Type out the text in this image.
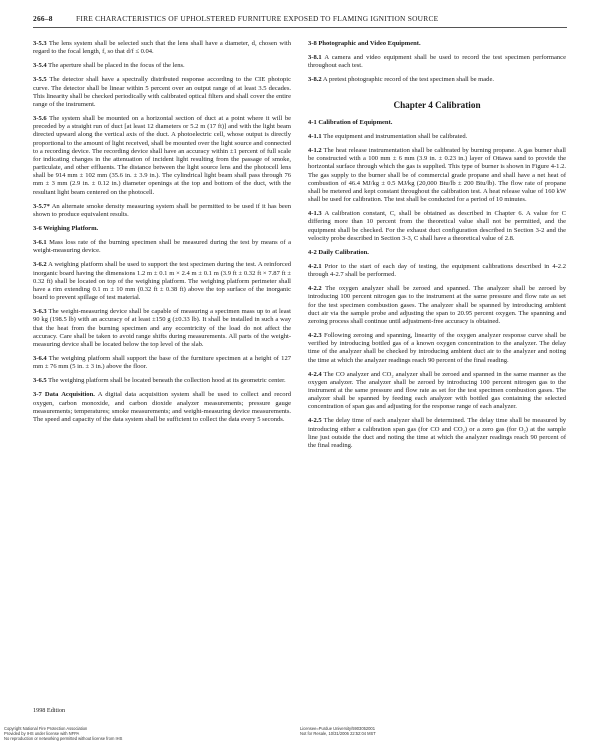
266–8	FIRE CHARACTERISTICS OF UPHOLSTERED FURNITURE EXPOSED TO FLAMING IGNITION SOURCE

3-5.3 The lens system shall be selected such that the lens shall have a diameter, d, chosen with regard to the focal length, f, so that d/f ≤ 0.04.

3-5.4 The aperture shall be placed in the focus of the lens.

3-5.5 The detector shall have a spectrally distributed response according to the CIE photopic curve. The detector shall be linear within 5 percent over an output range of at least 3.5 decades. This linearity shall be checked periodically with calibrated optical filters and shall cover the entire range of the instrument.

3-5.6 The system shall be mounted on a horizontal section of duct at a point where it will be preceded by a straight run of duct [at least 12 diameters or 5.2 m (17 ft)] and with the light beam directed upward along the vertical axis of the duct. A photoelectric cell, whose output is directly proportional to the amount of light received, shall be mounted over the light source and connected to a recording device. The recording device shall have an accuracy within ±1 percent of full scale for indicating changes in the attenuation of incident light resulting from the passage of smoke, particulate, and other effluents. The distance between the light source lens and the photocell lens shall be 914 mm ± 102 mm (35.6 in. ± 3.9 in.). The cylindrical light beam shall pass through 76 mm ± 3 mm (2.9 in. ± 0.12 in.) diameter openings at the top and bottom of the duct, with the resultant light beam centered on the photocell.

3-5.7* An alternate smoke density measuring system shall be permitted to be used if it has been shown to produce equivalent results.

3-6 Weighing Platform.

3-6.1 Mass loss rate of the burning specimen shall be measured during the test by means of a weight-measuring device.

3-6.2 A weighing platform shall be used to support the test specimen during the test. A reinforced inorganic board having the dimensions 1.2 m ± 0.1 m × 2.4 m ± 0.1 m (3.9 ft ± 0.32 ft × 7.87 ft ± 0.32 ft) shall be located on top of the weighing platform. The weighing platform perimeter shall have a rim extending 0.1 m ± 10 mm (0.32 ft ± 0.38 ft) above the top surface of the inorganic board to prevent spillage of test material.

3-6.3 The weight-measuring device shall be capable of measuring a specimen mass up to at least 90 kg (198.5 lb) with an accuracy of at least ±150 g (±0.33 lb). It shall be installed in such a way that the heat from the burning specimen and any eccentricity of the load do not affect the accuracy. Care shall be taken to avoid range shifts during measurements. All parts of the weight-measuring device shall be located below the top level of the slab.

3-6.4 The weighing platform shall support the base of the furniture specimen at a height of 127 mm ± 76 mm (5 in. ± 3 in.) above the floor.

3-6.5 The weighing platform shall be located beneath the collection hood at its geometric center.

3-7 Data Acquisition. A digital data acquisition system shall be used to collect and record oxygen, carbon monoxide, and carbon dioxide analyzer measurements; pressure gauge measurements; temperatures; smoke measurements; and weight-measuring device measurements. The speed and capacity of the data system shall be sufficient to collect the data every 5 seconds.

3-8 Photographic and Video Equipment.

3-8.1 A camera and video equipment shall be used to record the test specimen performance throughout each test.

3-8.2 A pretest photographic record of the test specimen shall be made.

Chapter 4 Calibration
4-1 Calibration of Equipment.

4-1.1 The equipment and instrumentation shall be calibrated.

4-1.2 The heat release instrumentation shall be calibrated by burning propane. A gas burner shall be constructed with a 100 mm ± 6 mm (3.9 in. ± 0.23 in.) layer of Ottawa sand to provide the horizontal surface through which the gas is supplied. This type of burner is shown in Figure 4-1.2. The gas supply to the burner shall be of commercial grade propane and shall have a net heat of combustion of 46.4 MJ/kg ± 0.5 MJ/kg (20,000 Btu/lb ± 200 Btu/lb). The flow rate of propane shall be metered and kept constant throughout the calibration test. A heat release value of 160 kW shall be used for calibration. The test shall be conducted for a period of 10 minutes.

4-1.3 A calibration constant, C, shall be obtained as described in Chapter 6. A value for C differing more than 10 percent from the theoretical value shall not be permitted, and the equipment shall be checked. For the exhaust duct configuration described in Section 3-2 and the velocity probe described in Section 3-3, C shall have a theoretical value of 2.8.

4-2 Daily Calibration.

4-2.1 Prior to the start of each day of testing, the equipment calibrations described in 4-2.2 through 4-2.7 shall be performed.

4-2.2 The oxygen analyzer shall be zeroed and spanned. The analyzer shall be zeroed by introducing 100 percent nitrogen gas to the instrument at the same pressure and flow rate as set for the test specimen combustion gases. The analyzer shall be spanned by introducing ambient duct air via the sample probe and adjusting the span to 20.95 percent oxygen. The spanning and zeroing process shall continue until adjustment-free accuracy is obtained.

4-2.3 Following zeroing and spanning, linearity of the oxygen analyzer response curve shall be verified by introducing bottled gas of a known oxygen concentration to the analyzer. The delay time of the analyzer shall be checked by introducing ambient duct air to the analyzer and noting the time at which the analyzer readings reach 90 percent of the final reading.

4-2.4 The CO analyzer and CO₂ analyzer shall be zeroed and spanned in the same manner as the oxygen analyzer. The analyzer shall be zeroed by introducing 100 percent nitrogen gas to the instrument at the same pressure and flow rate as set for the test specimen combustion gases. The analyzer shall be spanned by feeding each analyzer with bottled gas containing the selected concentration of span gas and adjusting for the response range of each analyzer.

4-2.5 The delay time of each analyzer shall be determined. The delay time shall be measured by introducing either a calibration span gas (for CO and CO₂) or a zero gas (for O₂) at the sample line just outside the duct and noting the time at which the analyzer readings reach 90 percent of the final reading.

1998 Edition
Copyright National Fire Protection Association
Provided by IHS under license with NFPA
No reproduction or networking permitted without license from IHS
Licensee=Purdue University/5903052001
Not for Resale, 10/31/2006 22:52:04 MST
